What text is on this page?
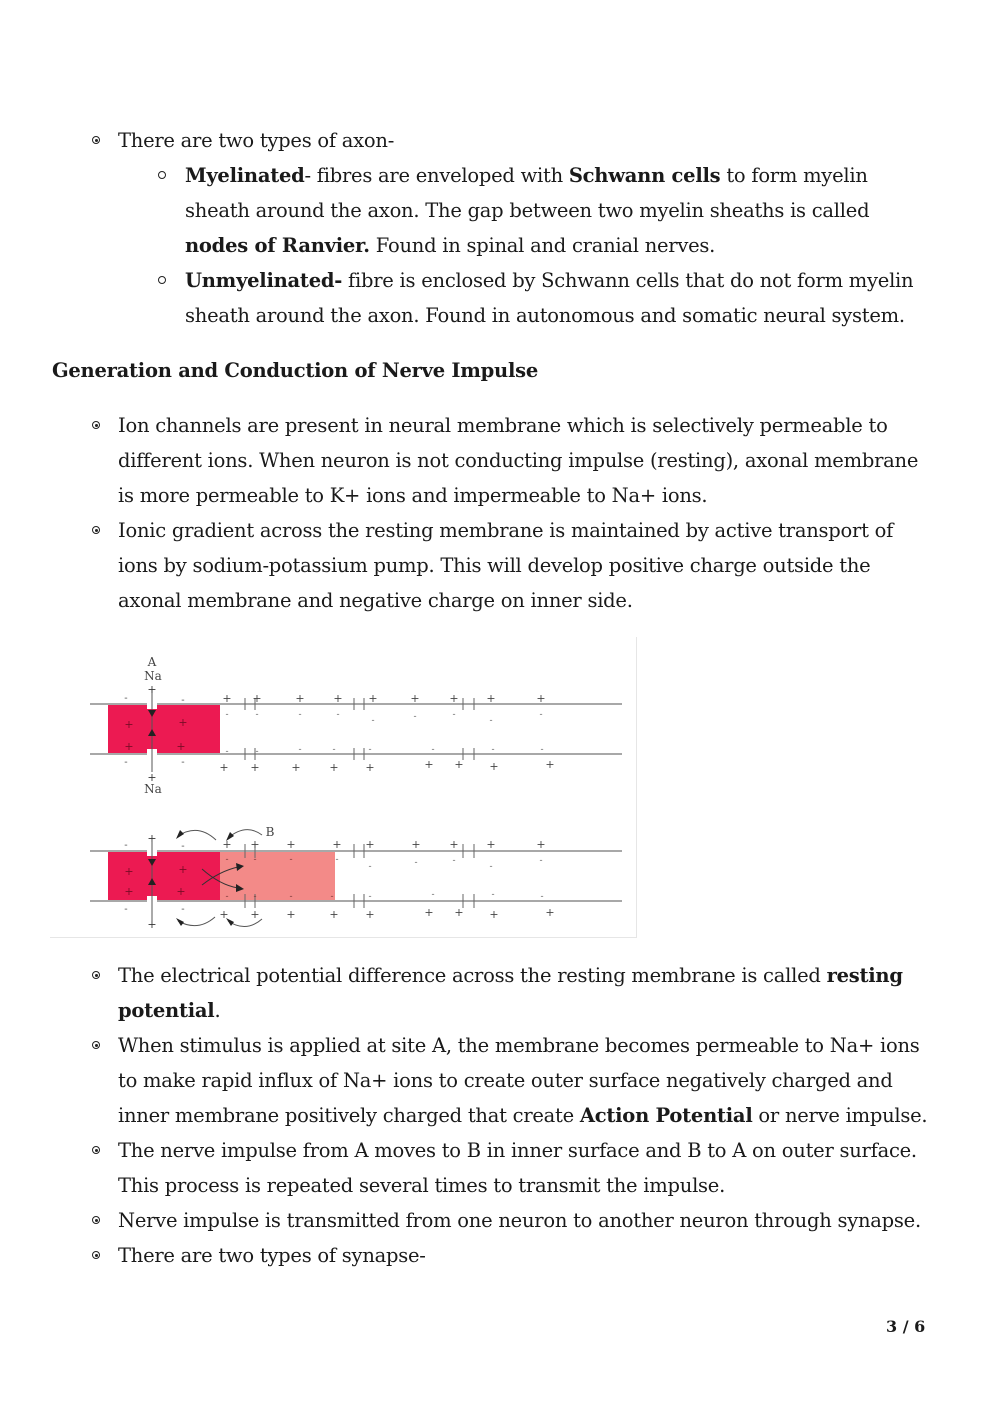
There are two types of axon-
Myelinated- fibres are enveloped with Schwann cells to form myelin sheath around the axon. The gap between two myelin sheaths is called nodes of Ranvier. Found in spinal and cranial nerves.
Unmyelinated- fibre is enclosed by Schwann cells that do not form myelin sheath around the axon. Found in autonomous and somatic neural system.
Generation and Conduction of Nerve Impulse
Ion channels are present in neural membrane which is selectively permeable to different ions. When neuron is not conducting impulse (resting), axonal membrane is more permeable to K+ ions and impermeable to Na+ ions.
Ionic gradient across the resting membrane is maintained by active transport of ions by sodium-potassium pump. This will develop positive charge outside the axonal membrane and negative charge on inner side.
A
Na
+
+
Na
+	+
+	+
-	-
-	-
+ +	+	+ +	+	+	+	+
+ +	+	+ +	+ + +	+
-	-	-	-
-	-	-
-
-
-	-	-	-	-	-	-	-
+
+
B
+	+
+	+
-	-
-	-
+ + +	+ +	+	+	+	+
+ + +	+ +	+ + +	+
-	-	-
-	-	-	-
-
-	-	-
-
-
-	-	-	-
The electrical potential difference across the resting membrane is called resting potential.
When stimulus is applied at site A, the membrane becomes permeable to Na+ ions to make rapid influx of Na+ ions to create outer surface negatively charged and inner membrane positively charged that create Action Potential or nerve impulse.
The nerve impulse from A moves to B in inner surface and B to A on outer surface. This process is repeated several times to transmit the impulse.
Nerve impulse is transmitted from one neuron to another neuron through synapse.
There are two types of synapse-
3 / 6
